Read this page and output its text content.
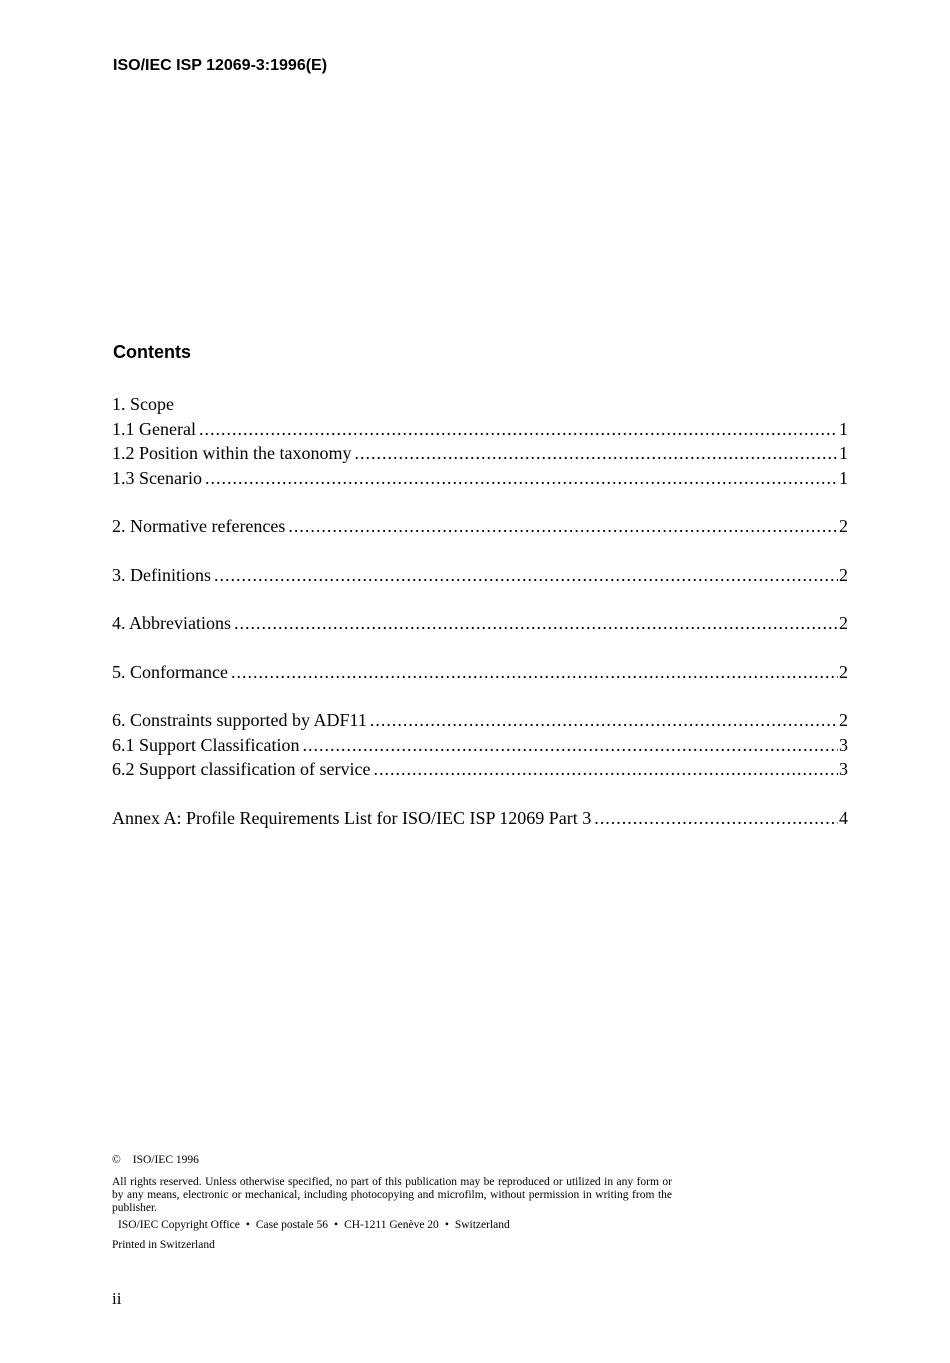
ISO/IEC ISP 12069-3:1996(E)
Contents
1. Scope
1.1 General .....	1
1.2 Position within the taxonomy .....	1
1.3 Scenario .....	1
2. Normative references .....	2
3. Definitions .....	2
4. Abbreviations .....	2
5. Conformance .....	2
6. Constraints supported by ADF11 .....	2
6.1 Support Classification .....	3
6.2 Support classification of service .....	3
Annex A: Profile Requirements List for ISO/IEC ISP 12069 Part 3 .....	4
© ISO/IEC 1996
All rights reserved. Unless otherwise specified, no part of this publication may be reproduced or utilized in any form or by any means, electronic or mechanical, including photocopying and microfilm, without permission in writing from the publisher.
ISO/IEC Copyright Office • Case postale 56 • CH-1211 Genève 20 • Switzerland
Printed in Switzerland
ii
